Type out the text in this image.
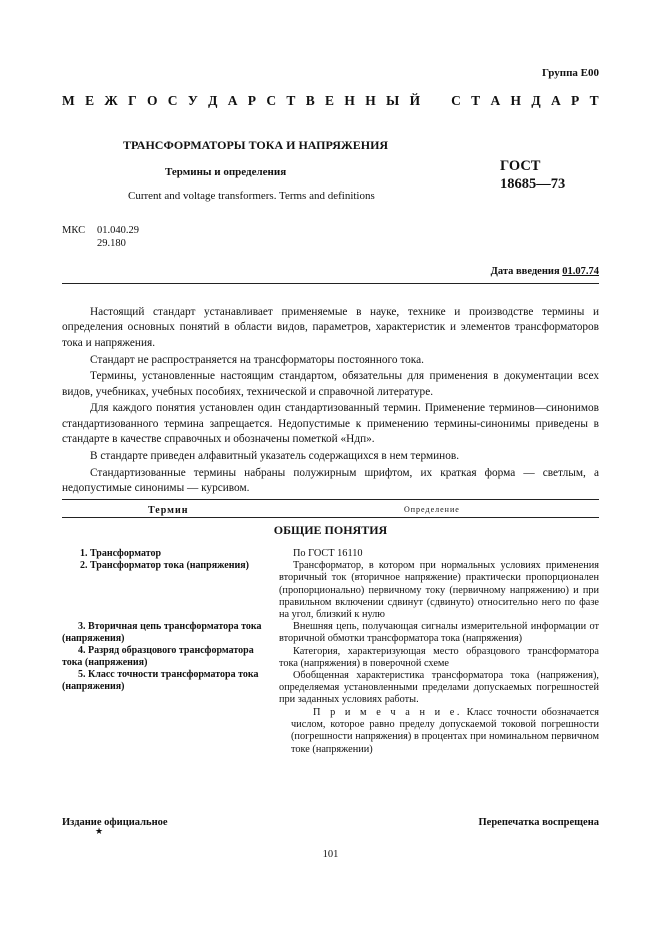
Группа Е00
М Е Ж Г О С У Д А Р С Т В Е Н Н Ы Й С Т А Н Д А Р Т
ТРАНСФОРМАТОРЫ ТОКА И НАПРЯЖЕНИЯ
Термины и определения
Current and voltage transformers. Terms and definitions
ГОСТ
18685—73
МКС 01.040.29
29.180
Дата введения 01.07.74

Настоящий стандарт устанавливает применяемые в науке, технике и производстве термины и определения основных понятий в области видов, параметров, характеристик и элементов трансформаторов тока и напряжения.

Стандарт не распространяется на трансформаторы постоянного тока.

Термины, установленные настоящим стандартом, обязательны для применения в документации всех видов, учебниках, учебных пособиях, технической и справочной литературе.

Для каждого понятия установлен один стандартизованный термин. Применение терминов—синонимов стандартизованного термина запрещается. Недопустимые к применению термины-синонимы приведены в стандарте в качестве справочных и обозначены пометкой «Ндп».

В стандарте приведен алфавитный указатель содержащихся в нем терминов.

Стандартизованные термины набраны полужирным шрифтом, их краткая форма — светлым, а недопустимые синонимы — курсивом.

Термин	Определение
ОБЩИЕ ПОНЯТИЯ
1. Трансформатор
2. Трансформатор тока (напряжения)
3. Вторичная цепь трансформатора тока (напряжения)
4. Разряд образцового трансформатора тока (напряжения)
5. Класс точности трансформатора тока (напряжения)

По ГОСТ 16110

Трансформатор, в котором при нормальных условиях применения вторичный ток (вторичное напряжение) практически пропорционален (пропорционально) первичному току (первичному напряжению) и при правильном включении сдвинут (сдвинуто) относительно него по фазе на угол, близкий к нулю

Внешняя цепь, получающая сигналы измерительной информации от вторичной обмотки трансформатора тока (напряжения)

Категория, характеризующая место образцового трансформатора тока (напряжения) в поверочной схеме

Обобщенная характеристика трансформатора тока (напряжения), определяемая установленными пределами допускаемых погрешностей при заданных условиях работы.

П р и м е ч а н и е. Класс точности обозначается числом, которое равно пределу допускаемой токовой погрешности (погрешности напряжения) в процентах при номинальном первичном токе (напряжении)

Издание официальное
★
Перепечатка воспрещена
101
